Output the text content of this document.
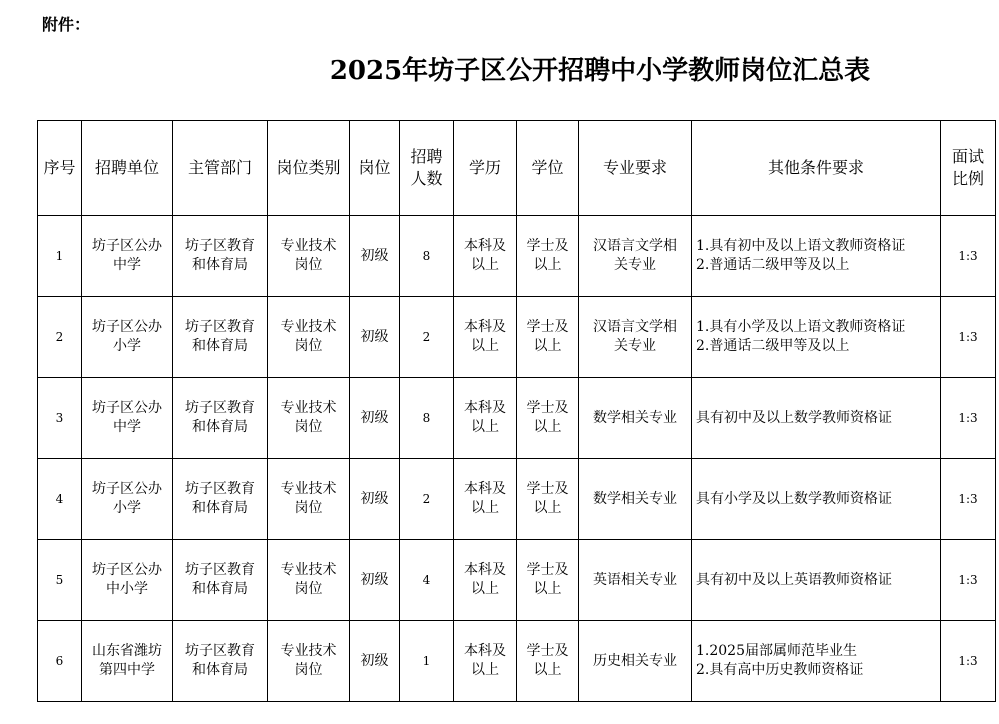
附件：
2025年坊子区公开招聘中小学教师岗位汇总表
序号	招聘单位	主管部门	岗位类别	岗位	招聘
人数	学历	学位	专业要求	其他条件要求	面试
比例
1	坊子区公办
中学	坊子区教育
和体育局	专业技术
岗位	初级	8	本科及
以上	学士及
以上	汉语言文学相
关专业	1.具有初中及以上语文教师资格证
2.普通话二级甲等及以上	1:3
2	坊子区公办
小学	坊子区教育
和体育局	专业技术
岗位	初级	2	本科及
以上	学士及
以上	汉语言文学相
关专业	1.具有小学及以上语文教师资格证
2.普通话二级甲等及以上	1:3
3	坊子区公办
中学	坊子区教育
和体育局	专业技术
岗位	初级	8	本科及
以上	学士及
以上	数学相关专业	具有初中及以上数学教师资格证	1:3
4	坊子区公办
小学	坊子区教育
和体育局	专业技术
岗位	初级	2	本科及
以上	学士及
以上	数学相关专业	具有小学及以上数学教师资格证	1:3
5	坊子区公办
中小学	坊子区教育
和体育局	专业技术
岗位	初级	4	本科及
以上	学士及
以上	英语相关专业	具有初中及以上英语教师资格证	1:3
6	山东省潍坊
第四中学	坊子区教育
和体育局	专业技术
岗位	初级	1	本科及
以上	学士及
以上	历史相关专业	1.2025届部属师范毕业生
2.具有高中历史教师资格证	1:3
